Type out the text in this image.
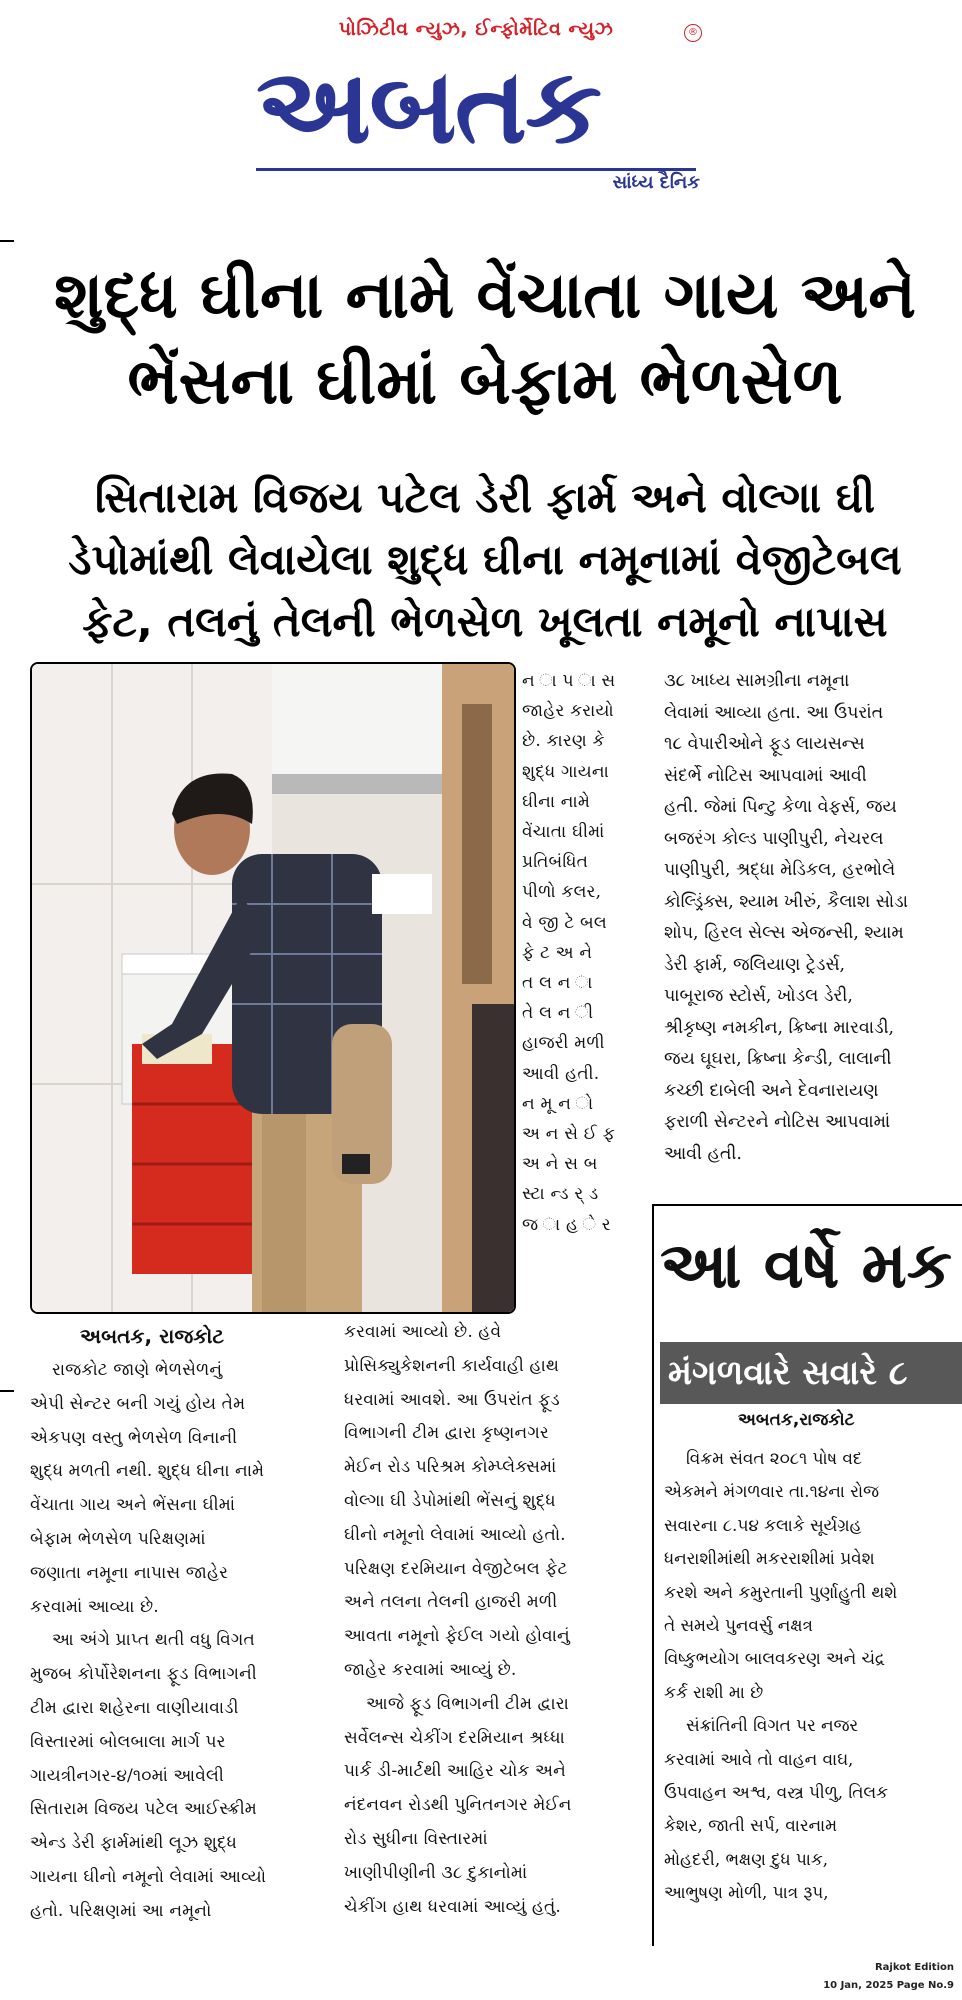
પોઝિટીવ ન્યુઝ, ઈન્ફોર્મેટિવ ન્યુઝ
અબતક
®
સાંધ્ય દૈનિક
શુદ્ધ ઘીના નામે વેંચાતા ગાય અને
ભેંસના ઘીમાં બેફામ ભેળસેળ
સિતારામ વિજય પટેલ ડેરી ફાર્મ અને વોલ્ગા ઘી
ડેપોમાંથી લેવાયેલા શુદ્ધ ઘીના નમૂનામાં વેજીટેબલ
ફેટ, તલનું તેલની ભેળસેળ ખૂલતા નમૂનો નાપાસ
ન ા પ ા સ
જાહેર કરાયો
છે. કારણ કે
શુદ્ધ ગાયના
ઘીના નામે
વેંચાતા ઘીમાં
પ્રતિબંધિત
પીળો કલર,
વે જી ટે બલ
ફે ટ અ ને
ત લ ન ા
તે લ ન ી
હાજરી મળી
આવી હતી.
ન મૂ ન ો
અ ન સે ઈ ફ
અ ને સ બ
સ્ટા ન્ડ ર્ ડ
જ ા હ ે ર
૩૮ ખાધ્ય સામગ્રીના નમૂના
લેવામાં આવ્યા હતા. આ ઉપરાંત
૧૮ વેપારીઓને ફૂડ લાયસન્સ
સંદર્ભે નોટિસ આપવામાં આવી
હતી. જેમાં પિન્ટુ કેળા વેફર્સ, જય
બજરંગ કોલ્ડ પાણીપુરી, નેચરલ
પાણીપુરી, શ્રદ્ધા મેડિકલ, હરભોલે
કોલ્ડ્રિંક્સ, શ્યામ ખીરું, કૈલાશ સોડા
શોપ, હિરલ સેલ્સ એજન્સી, શ્યામ
ડેરી ફાર્મ, જલિયાણ ટ્રેડર્સ,
પાબૂરાજ સ્ટોર્સ, ખોડલ ડેરી,
શ્રીકૃષ્ણ નમકીન, ક્રિષ્ના મારવાડી,
જય ઘૂઘરા, ક્રિષ્ના કેન્ડી, લાલાની
કચ્છી દાબેલી અને દેવનારાયણ
ફરાળી સેન્ટરને નોટિસ આપવામાં
આવી હતી.
અબતક, રાજકોટ
રાજકોટ જાણે ભેળસેળનું
એપી સેન્ટર બની ગયું હોય તેમ
એકપણ વસ્તુ ભેળસેળ વિનાની
શુદ્ધ મળતી નથી. શુદ્ધ ઘીના નામે
વેંચાતા ગાય અને ભેંસના ઘીમાં
બેફામ ભેળસેળ પરિક્ષણમાં
જણાતા નમૂના નાપાસ જાહેર
કરવામાં આવ્યા છે.
આ અંગે પ્રાપ્ત થતી વધુ વિગત
મુજબ કોર્પોરેશનના ફૂડ વિભાગની
ટીમ દ્વારા શહેરના વાણીયાવાડી
વિસ્તારમાં બોલબાલા માર્ગ પર
ગાયત્રીનગર-૪/૧૦માં આવેલી
સિતારામ વિજય પટેલ આઈસ્ક્રીમ
એન્ડ ડેરી ફાર્મમાંથી લૂઝ શુદ્ધ
ગાયના ઘીનો નમૂનો લેવામાં આવ્યો
હતો. પરિક્ષણમાં આ નમૂનો
કરવામાં આવ્યો છે. હવે
પ્રોસિક્યુકેશનની કાર્યવાહી હાથ
ધરવામાં આવશે. આ ઉપરાંત ફૂડ
વિભાગની ટીમ દ્વારા કૃષ્ણનગર
મેઈન રોડ પરિશ્રમ કોમ્પ્લેક્સમાં
વોલ્ગા ઘી ડેપોમાંથી ભેંસનું શુદ્ધ
ઘીનો નમૂનો લેવામાં આવ્યો હતો.
પરિક્ષણ દરમિયાન વેજીટેબલ ફેટ
અને તલના તેલની હાજરી મળી
આવતા નમૂનો ફેઈલ ગયો હોવાનું
જાહેર કરવામાં આવ્યું છે.
આજે ફૂડ વિભાગની ટીમ દ્વારા
સર્વેલન્સ ચેકીંગ દરમિયાન શ્રધ્ધા
પાર્ક ડી-માર્ટથી આહિર ચોક અને
નંદનવન રોડથી પુનિતનગર મેઈન
રોડ સુધીના વિસ્તારમાં
ખાણીપીણીની ૩૮ દુકાનોમાં
ચેકીંગ હાથ ધરવામાં આવ્યું હતું.
આ વર્ષે મક
મંગળવારે સવારે ૮
અબતક,રાજકોટ
વિક્રમ સંવત ૨૦૮૧ પોષ વદ
એકમને મંગળવાર તા.૧૪ના રોજ
સવારના ૮.૫૪ કલાકે સૂર્યગ્રહ
ધનરાશીમાંથી મકરરાશીમાં પ્રવેશ
કરશે અને કમુરતાની પુર્ણાહુતી થશે
તે સમયે પુનવર્સુ નક્ષત્ર
વિષ્કુભયોગ બાલવકરણ અને ચંદ્ર
કર્ક રાશી મા છે
સંક્રાંતિની વિગત પર નજર
કરવામાં આવે તો વાહન વાઘ,
ઉપવાહન અશ્વ, વસ્ત્ર પીળુ, તિલક
કેશર, જાતી સર્પ, વારનામ
મોહદરી, ભક્ષણ દુધ પાક,
આભુષણ મોળી, પાત્ર રૂપ,
Rajkot Edition
10 Jan, 2025 Page No.9
